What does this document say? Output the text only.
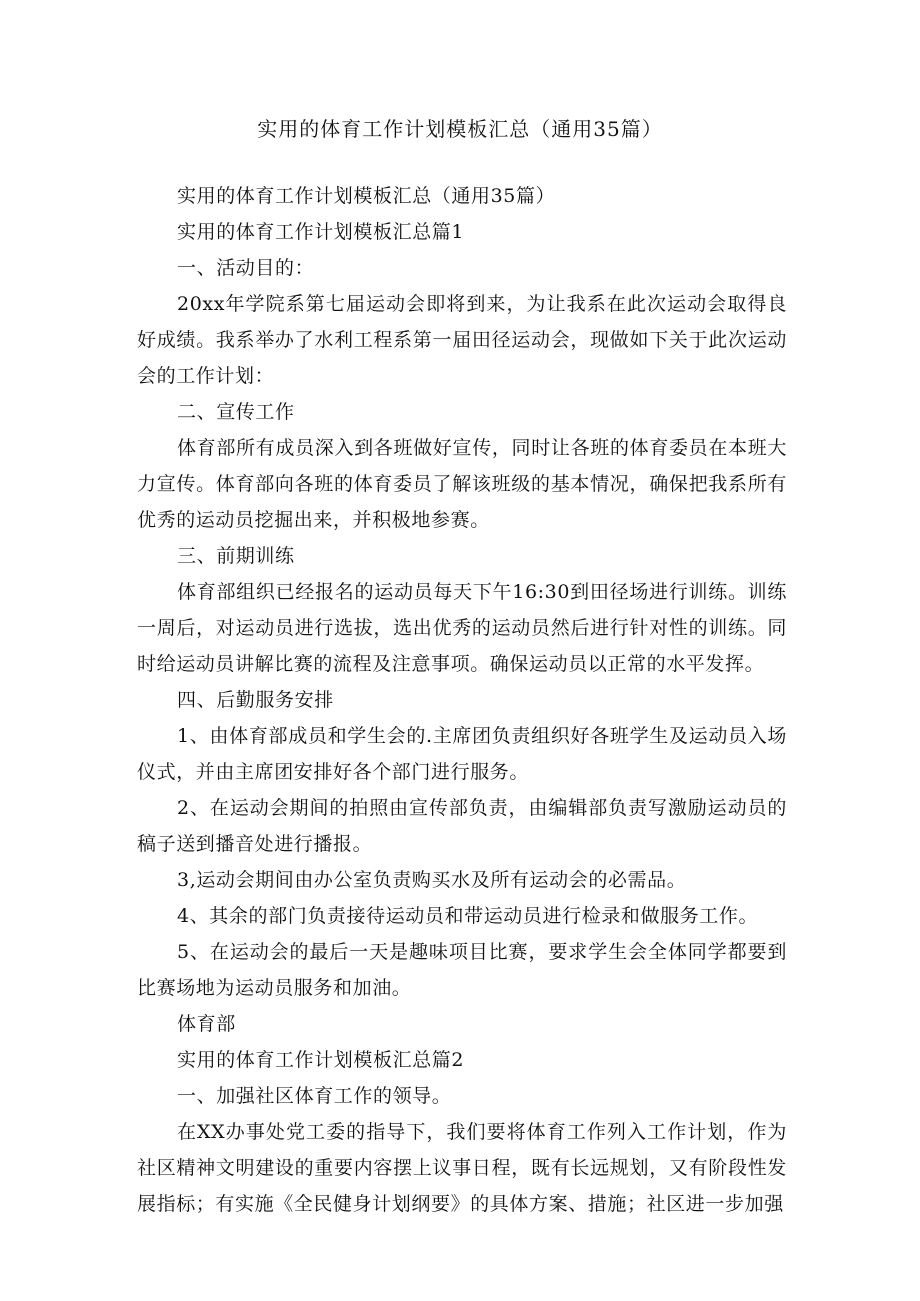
实用的体育工作计划模板汇总（通用35篇）

实用的体育工作计划模板汇总（通用35篇）

实用的体育工作计划模板汇总篇1

一、活动目的：

20xx年学院系第七届运动会即将到来，为让我系在此次运动会取得良好成绩。我系举办了水利工程系第一届田径运动会，现做如下关于此次运动会的工作计划：

二、宣传工作

体育部所有成员深入到各班做好宣传，同时让各班的体育委员在本班大力宣传。体育部向各班的体育委员了解该班级的基本情况，确保把我系所有优秀的运动员挖掘出来，并积极地参赛。

三、前期训练

体育部组织已经报名的运动员每天下午16:30到田径场进行训练。训练一周后，对运动员进行选拔，选出优秀的运动员然后进行针对性的训练。同时给运动员讲解比赛的流程及注意事项。确保运动员以正常的水平发挥。

四、后勤服务安排

1、由体育部成员和学生会的.主席团负责组织好各班学生及运动员入场仪式，并由主席团安排好各个部门进行服务。

2、在运动会期间的拍照由宣传部负责，由编辑部负责写激励运动员的稿子送到播音处进行播报。

3,运动会期间由办公室负责购买水及所有运动会的必需品。

4、其余的部门负责接待运动员和带运动员进行检录和做服务工作。

5、在运动会的最后一天是趣味项目比赛，要求学生会全体同学都要到比赛场地为运动员服务和加油。

体育部

实用的体育工作计划模板汇总篇2

一、加强社区体育工作的领导。

在XX办事处党工委的指导下，我们要将体育工作列入工作计划，作为社区精神文明建设的重要内容摆上议事日程，既有长远规划，又有阶段性发展指标；有实施《全民健身计划纲要》的具体方案、措施；社区进一步加强
